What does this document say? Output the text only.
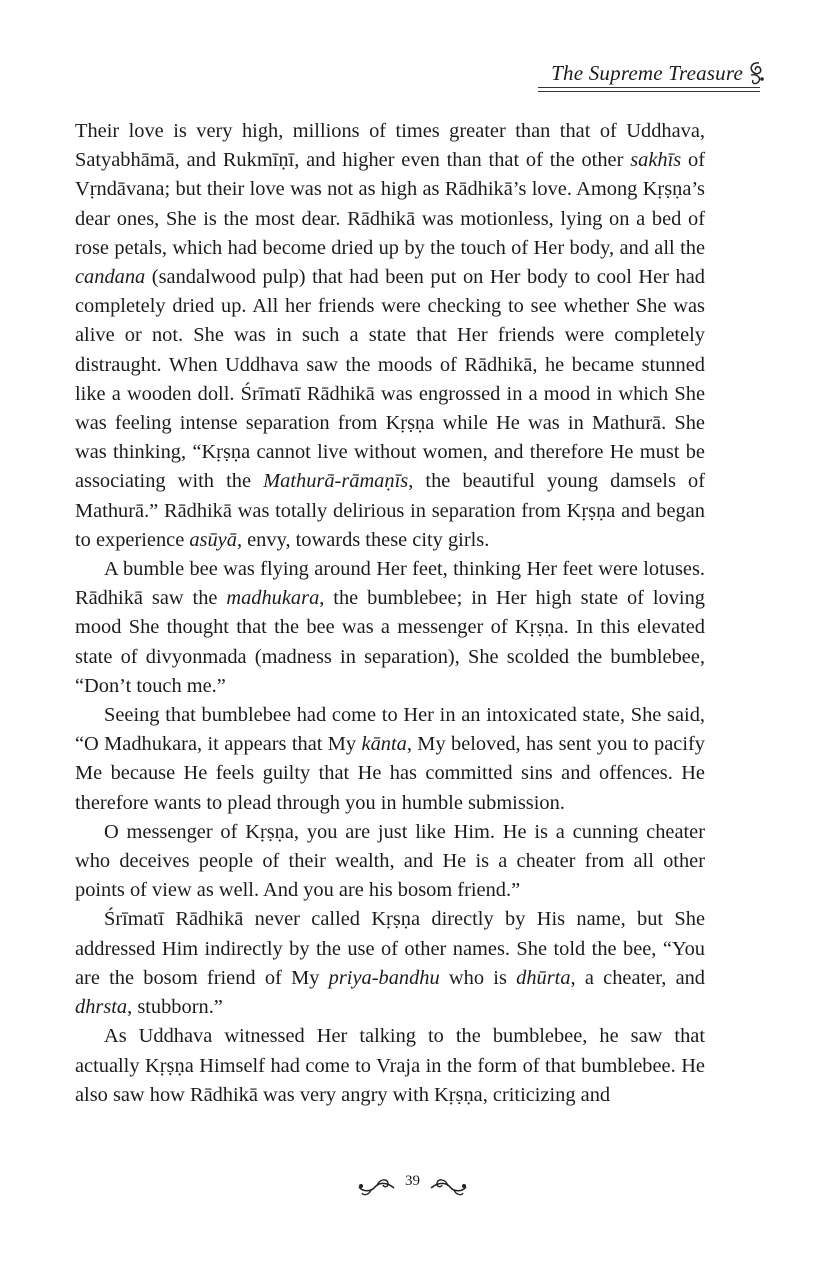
The Supreme Treasure

Their love is very high, millions of times greater than that of Uddhava, Satyabhāmā, and Rukmīṇī, and higher even than that of the other sakhīs of Vṛndāvana; but their love was not as high as Rādhikā’s love. Among Kṛṣṇa’s dear ones, She is the most dear. Rādhikā was motionless, lying on a bed of rose petals, which had become dried up by the touch of Her body, and all the candana (sandalwood pulp) that had been put on Her body to cool Her had completely dried up. All her friends were checking to see whether She was alive or not. She was in such a state that Her friends were completely distraught. When Uddhava saw the moods of Rādhikā, he became stunned like a wooden doll. Śrīmatī Rādhikā was engrossed in a mood in which She was feeling intense separation from Kṛṣṇa while He was in Mathurā. She was thinking, “Kṛṣṇa cannot live without women, and therefore He must be associating with the Mathurā-rāmaṇīs, the beautiful young damsels of Mathurā.” Rādhikā was totally delirious in separation from Kṛṣṇa and began to experience asūyā, envy, towards these city girls.

A bumble bee was flying around Her feet, thinking Her feet were lotuses. Rādhikā saw the madhukara, the bumblebee; in Her high state of loving mood She thought that the bee was a messenger of Kṛṣṇa. In this elevated state of divyonmada (madness in separation), She scolded the bumblebee, “Don’t touch me.”

Seeing that bumblebee had come to Her in an intoxicated state, She said, “O Madhukara, it appears that My kānta, My beloved, has sent you to pacify Me because He feels guilty that He has committed sins and offences. He therefore wants to plead through you in humble submission.

O messenger of Kṛṣṇa, you are just like Him. He is a cunning cheater who deceives people of their wealth, and He is a cheater from all other points of view as well. And you are his bosom friend.”

Śrīmatī Rādhikā never called Kṛṣṇa directly by His name, but She addressed Him indirectly by the use of other names. She told the bee, “You are the bosom friend of My priya-bandhu who is dhūrta, a cheater, and dhrsta, stubborn.”

As Uddhava witnessed Her talking to the bumblebee, he saw that actually Kṛṣṇa Himself had come to Vraja in the form of that bumblebee. He also saw how Rādhikā was very angry with Kṛṣṇa, criticizing and

39
